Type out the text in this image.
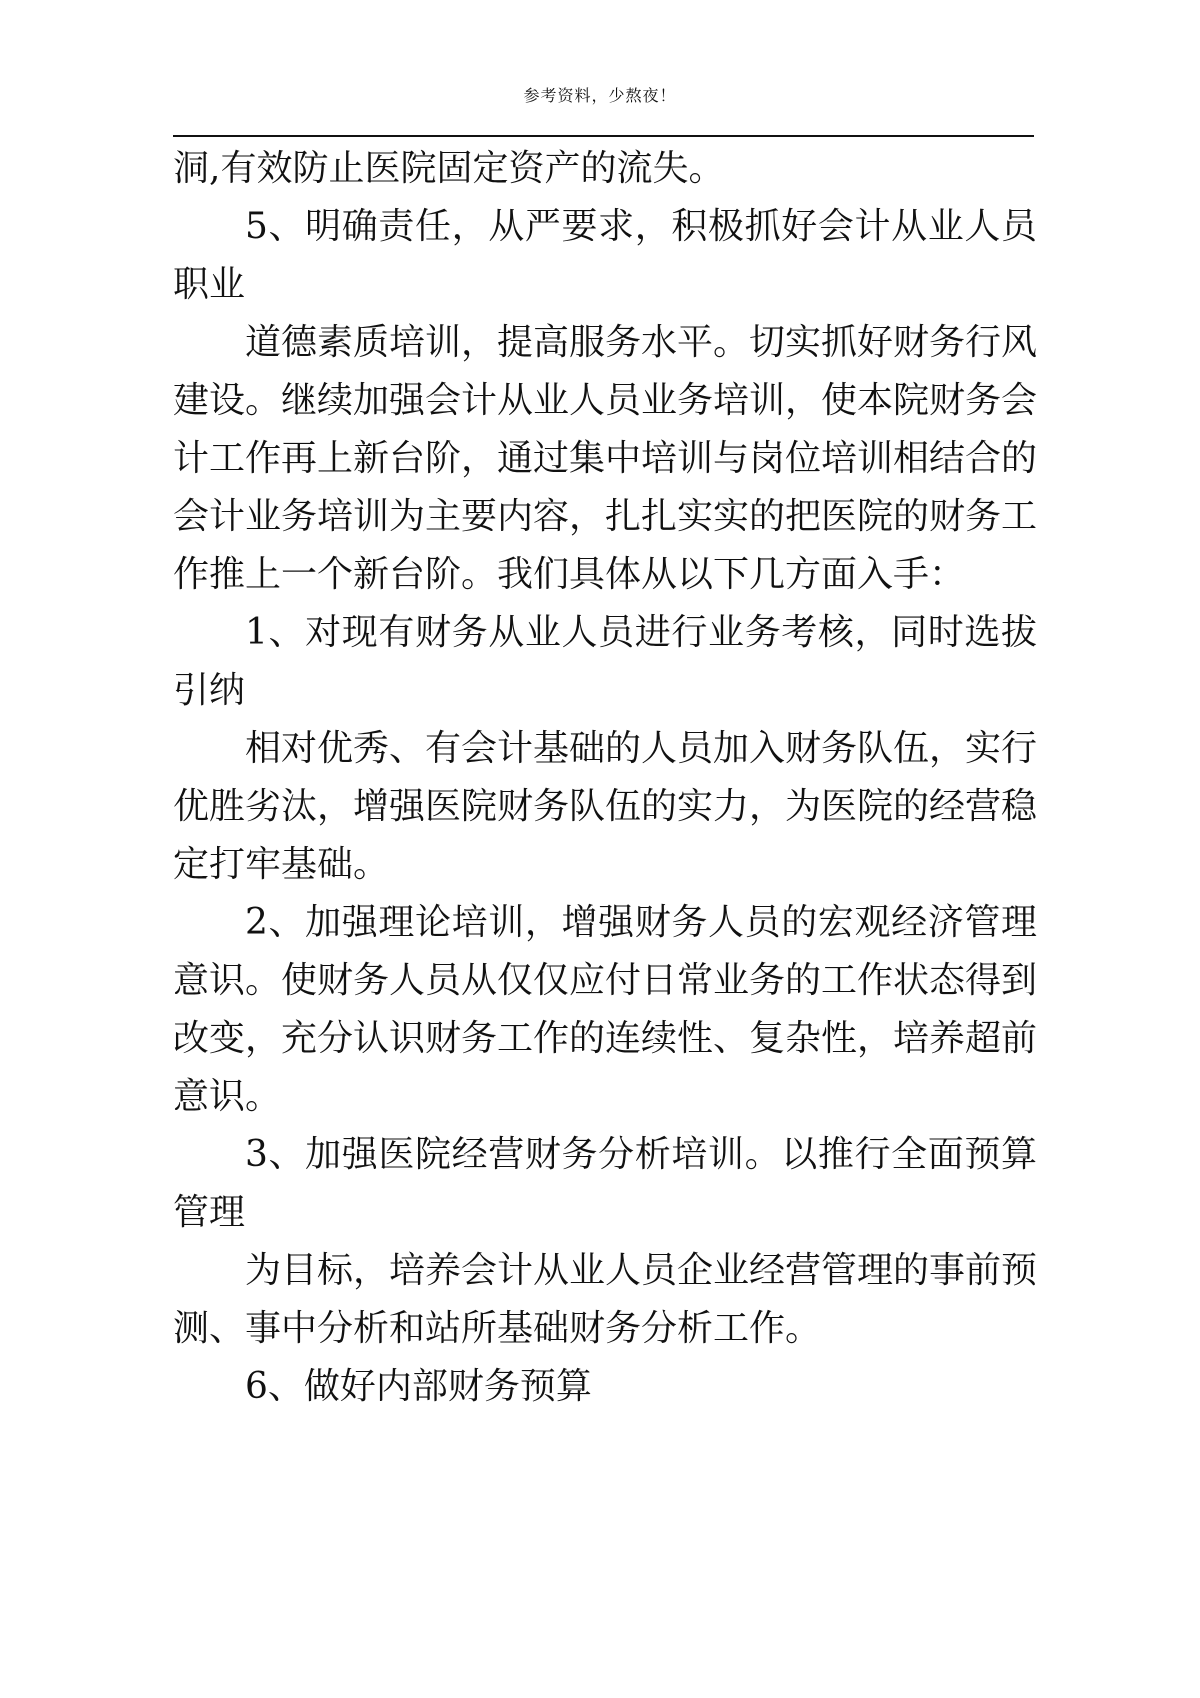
参考资料，少熬夜！

洞,有效防止医院固定资产的流失。

5、明确责任，从严要求，积极抓好会计从业人员职业

道德素质培训，提高服务水平。切实抓好财务行风建设。继续加强会计从业人员业务培训，使本院财务会计工作再上新台阶，通过集中培训与岗位培训相结合的会计业务培训为主要内容，扎扎实实的把医院的财务工作推上一个新台阶。我们具体从以下几方面入手：

1、对现有财务从业人员进行业务考核，同时选拔引纳

相对优秀、有会计基础的人员加入财务队伍，实行优胜劣汰，增强医院财务队伍的实力，为医院的经营稳定打牢基础。

2、加强理论培训，增强财务人员的宏观经济管理意识。使财务人员从仅仅应付日常业务的工作状态得到改变，充分认识财务工作的连续性、复杂性，培养超前意识。

3、加强医院经营财务分析培训。以推行全面预算管理

为目标，培养会计从业人员企业经营管理的事前预测、事中分析和站所基础财务分析工作。

6、做好内部财务预算
